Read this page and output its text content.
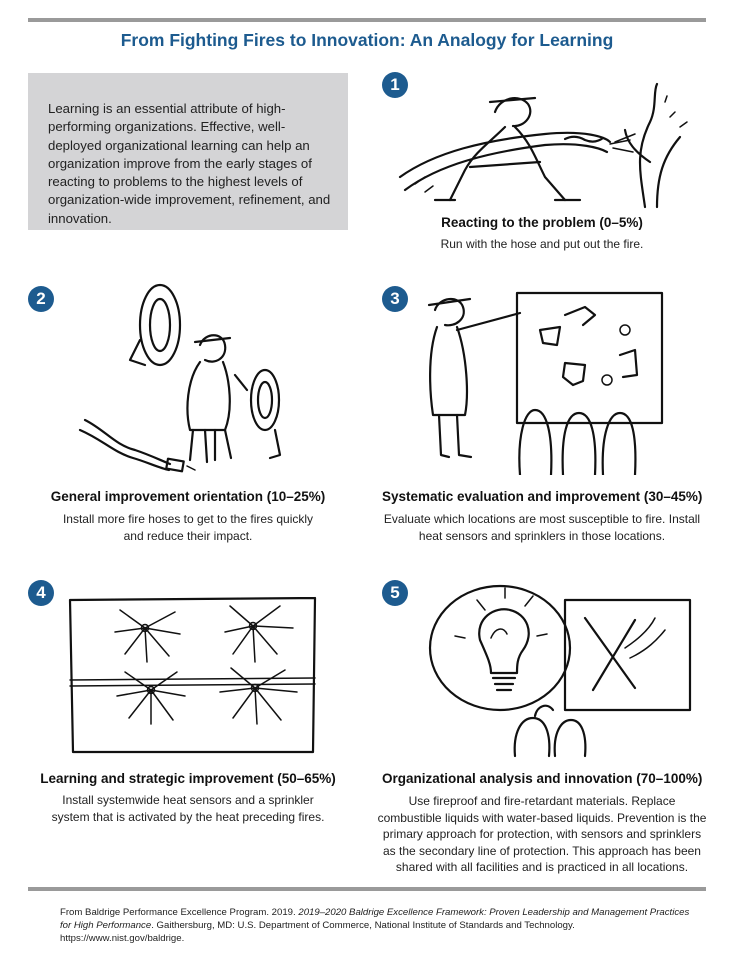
From Fighting Fires to Innovation: An Analogy for Learning
Learning is an essential attribute of high-performing organizations. Effective, well-deployed organizational learning can help an organization improve from the early stages of reacting to problems to the highest levels of organization-wide improvement, refinement, and innovation.
1
Reacting to the problem (0–5%)
Run with the hose and put out the fire.
2
General improvement orientation (10–25%)
Install more fire hoses to get to the fires quickly and reduce their impact.
3
Systematic evaluation and improvement (30–45%)
Evaluate which locations are most susceptible to fire. Install heat sensors and sprinklers in those locations.
4
Learning and strategic improvement (50–65%)
Install systemwide heat sensors and a sprinkler system that is activated by the heat preceding fires.
5
Organizational analysis and innovation (70–100%)
Use fireproof and fire-retardant materials. Replace combustible liquids with water-based liquids. Prevention is the primary approach for protection, with sensors and sprinklers as the secondary line of protection. This approach has been shared with all facilities and is practiced in all locations.
From Baldrige Performance Excellence Program. 2019. 2019–2020 Baldrige Excellence Framework: Proven Leadership and Management Practices for High Performance. Gaithersburg, MD: U.S. Department of Commerce, National Institute of Standards and Technology. https://www.nist.gov/baldrige.
